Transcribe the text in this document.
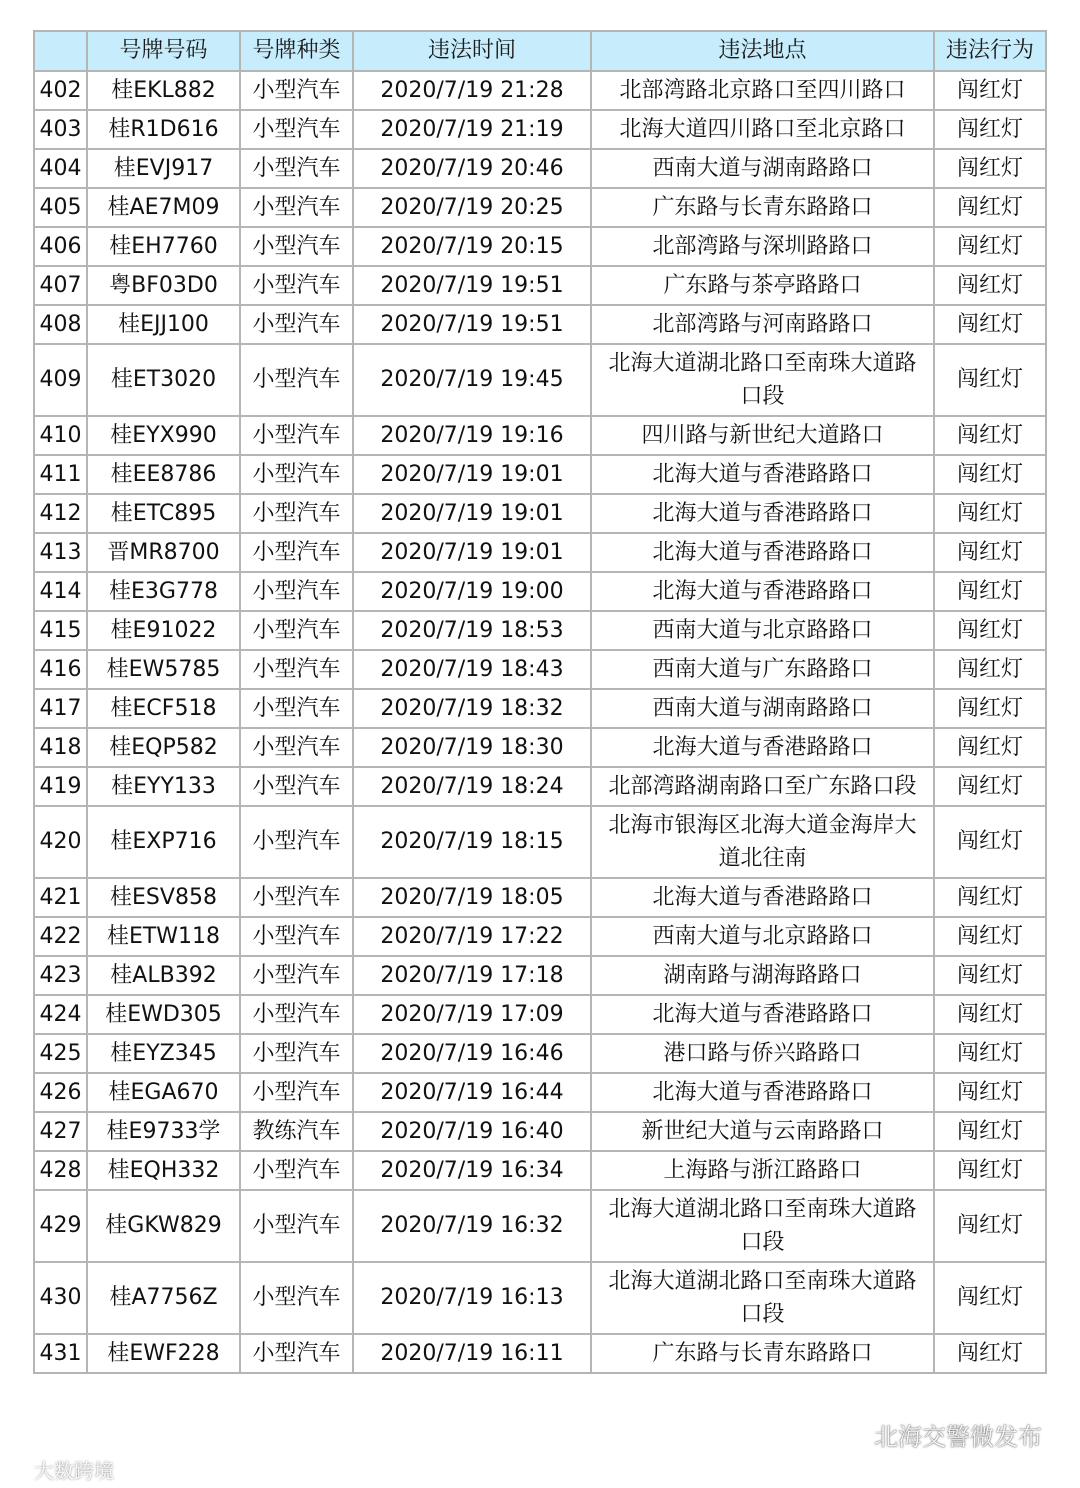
	号牌号码	号牌种类	违法时间	违法地点	违法行为
402	桂EKL882	小型汽车	2020/7/19 21:28	北部湾路北京路口至四川路口	闯红灯
403	桂R1D616	小型汽车	2020/7/19 21:19	北海大道四川路口至北京路口	闯红灯
404	桂EVJ917	小型汽车	2020/7/19 20:46	西南大道与湖南路路口	闯红灯
405	桂AE7M09	小型汽车	2020/7/19 20:25	广东路与长青东路路口	闯红灯
406	桂EH7760	小型汽车	2020/7/19 20:15	北部湾路与深圳路路口	闯红灯
407	粤BF03D0	小型汽车	2020/7/19 19:51	广东路与茶亭路路口	闯红灯
408	桂EJJ100	小型汽车	2020/7/19 19:51	北部湾路与河南路路口	闯红灯
409	桂ET3020	小型汽车	2020/7/19 19:45	北海大道湖北路口至南珠大道路口段	闯红灯
410	桂EYX990	小型汽车	2020/7/19 19:16	四川路与新世纪大道路口	闯红灯
411	桂EE8786	小型汽车	2020/7/19 19:01	北海大道与香港路路口	闯红灯
412	桂ETC895	小型汽车	2020/7/19 19:01	北海大道与香港路路口	闯红灯
413	晋MR8700	小型汽车	2020/7/19 19:01	北海大道与香港路路口	闯红灯
414	桂E3G778	小型汽车	2020/7/19 19:00	北海大道与香港路路口	闯红灯
415	桂E91022	小型汽车	2020/7/19 18:53	西南大道与北京路路口	闯红灯
416	桂EW5785	小型汽车	2020/7/19 18:43	西南大道与广东路路口	闯红灯
417	桂ECF518	小型汽车	2020/7/19 18:32	西南大道与湖南路路口	闯红灯
418	桂EQP582	小型汽车	2020/7/19 18:30	北海大道与香港路路口	闯红灯
419	桂EYY133	小型汽车	2020/7/19 18:24	北部湾路湖南路口至广东路口段	闯红灯
420	桂EXP716	小型汽车	2020/7/19 18:15	北海市银海区北海大道金海岸大道北往南	闯红灯
421	桂ESV858	小型汽车	2020/7/19 18:05	北海大道与香港路路口	闯红灯
422	桂ETW118	小型汽车	2020/7/19 17:22	西南大道与北京路路口	闯红灯
423	桂ALB392	小型汽车	2020/7/19 17:18	湖南路与湖海路路口	闯红灯
424	桂EWD305	小型汽车	2020/7/19 17:09	北海大道与香港路路口	闯红灯
425	桂EYZ345	小型汽车	2020/7/19 16:46	港口路与侨兴路路口	闯红灯
426	桂EGA670	小型汽车	2020/7/19 16:44	北海大道与香港路路口	闯红灯
427	桂E9733学	教练汽车	2020/7/19 16:40	新世纪大道与云南路路口	闯红灯
428	桂EQH332	小型汽车	2020/7/19 16:34	上海路与浙江路路口	闯红灯
429	桂GKW829	小型汽车	2020/7/19 16:32	北海大道湖北路口至南珠大道路口段	闯红灯
430	桂A7756Z	小型汽车	2020/7/19 16:13	北海大道湖北路口至南珠大道路口段	闯红灯
431	桂EWF228	小型汽车	2020/7/19 16:11	广东路与长青东路路口	闯红灯
北海交警微发布
大数跨境
